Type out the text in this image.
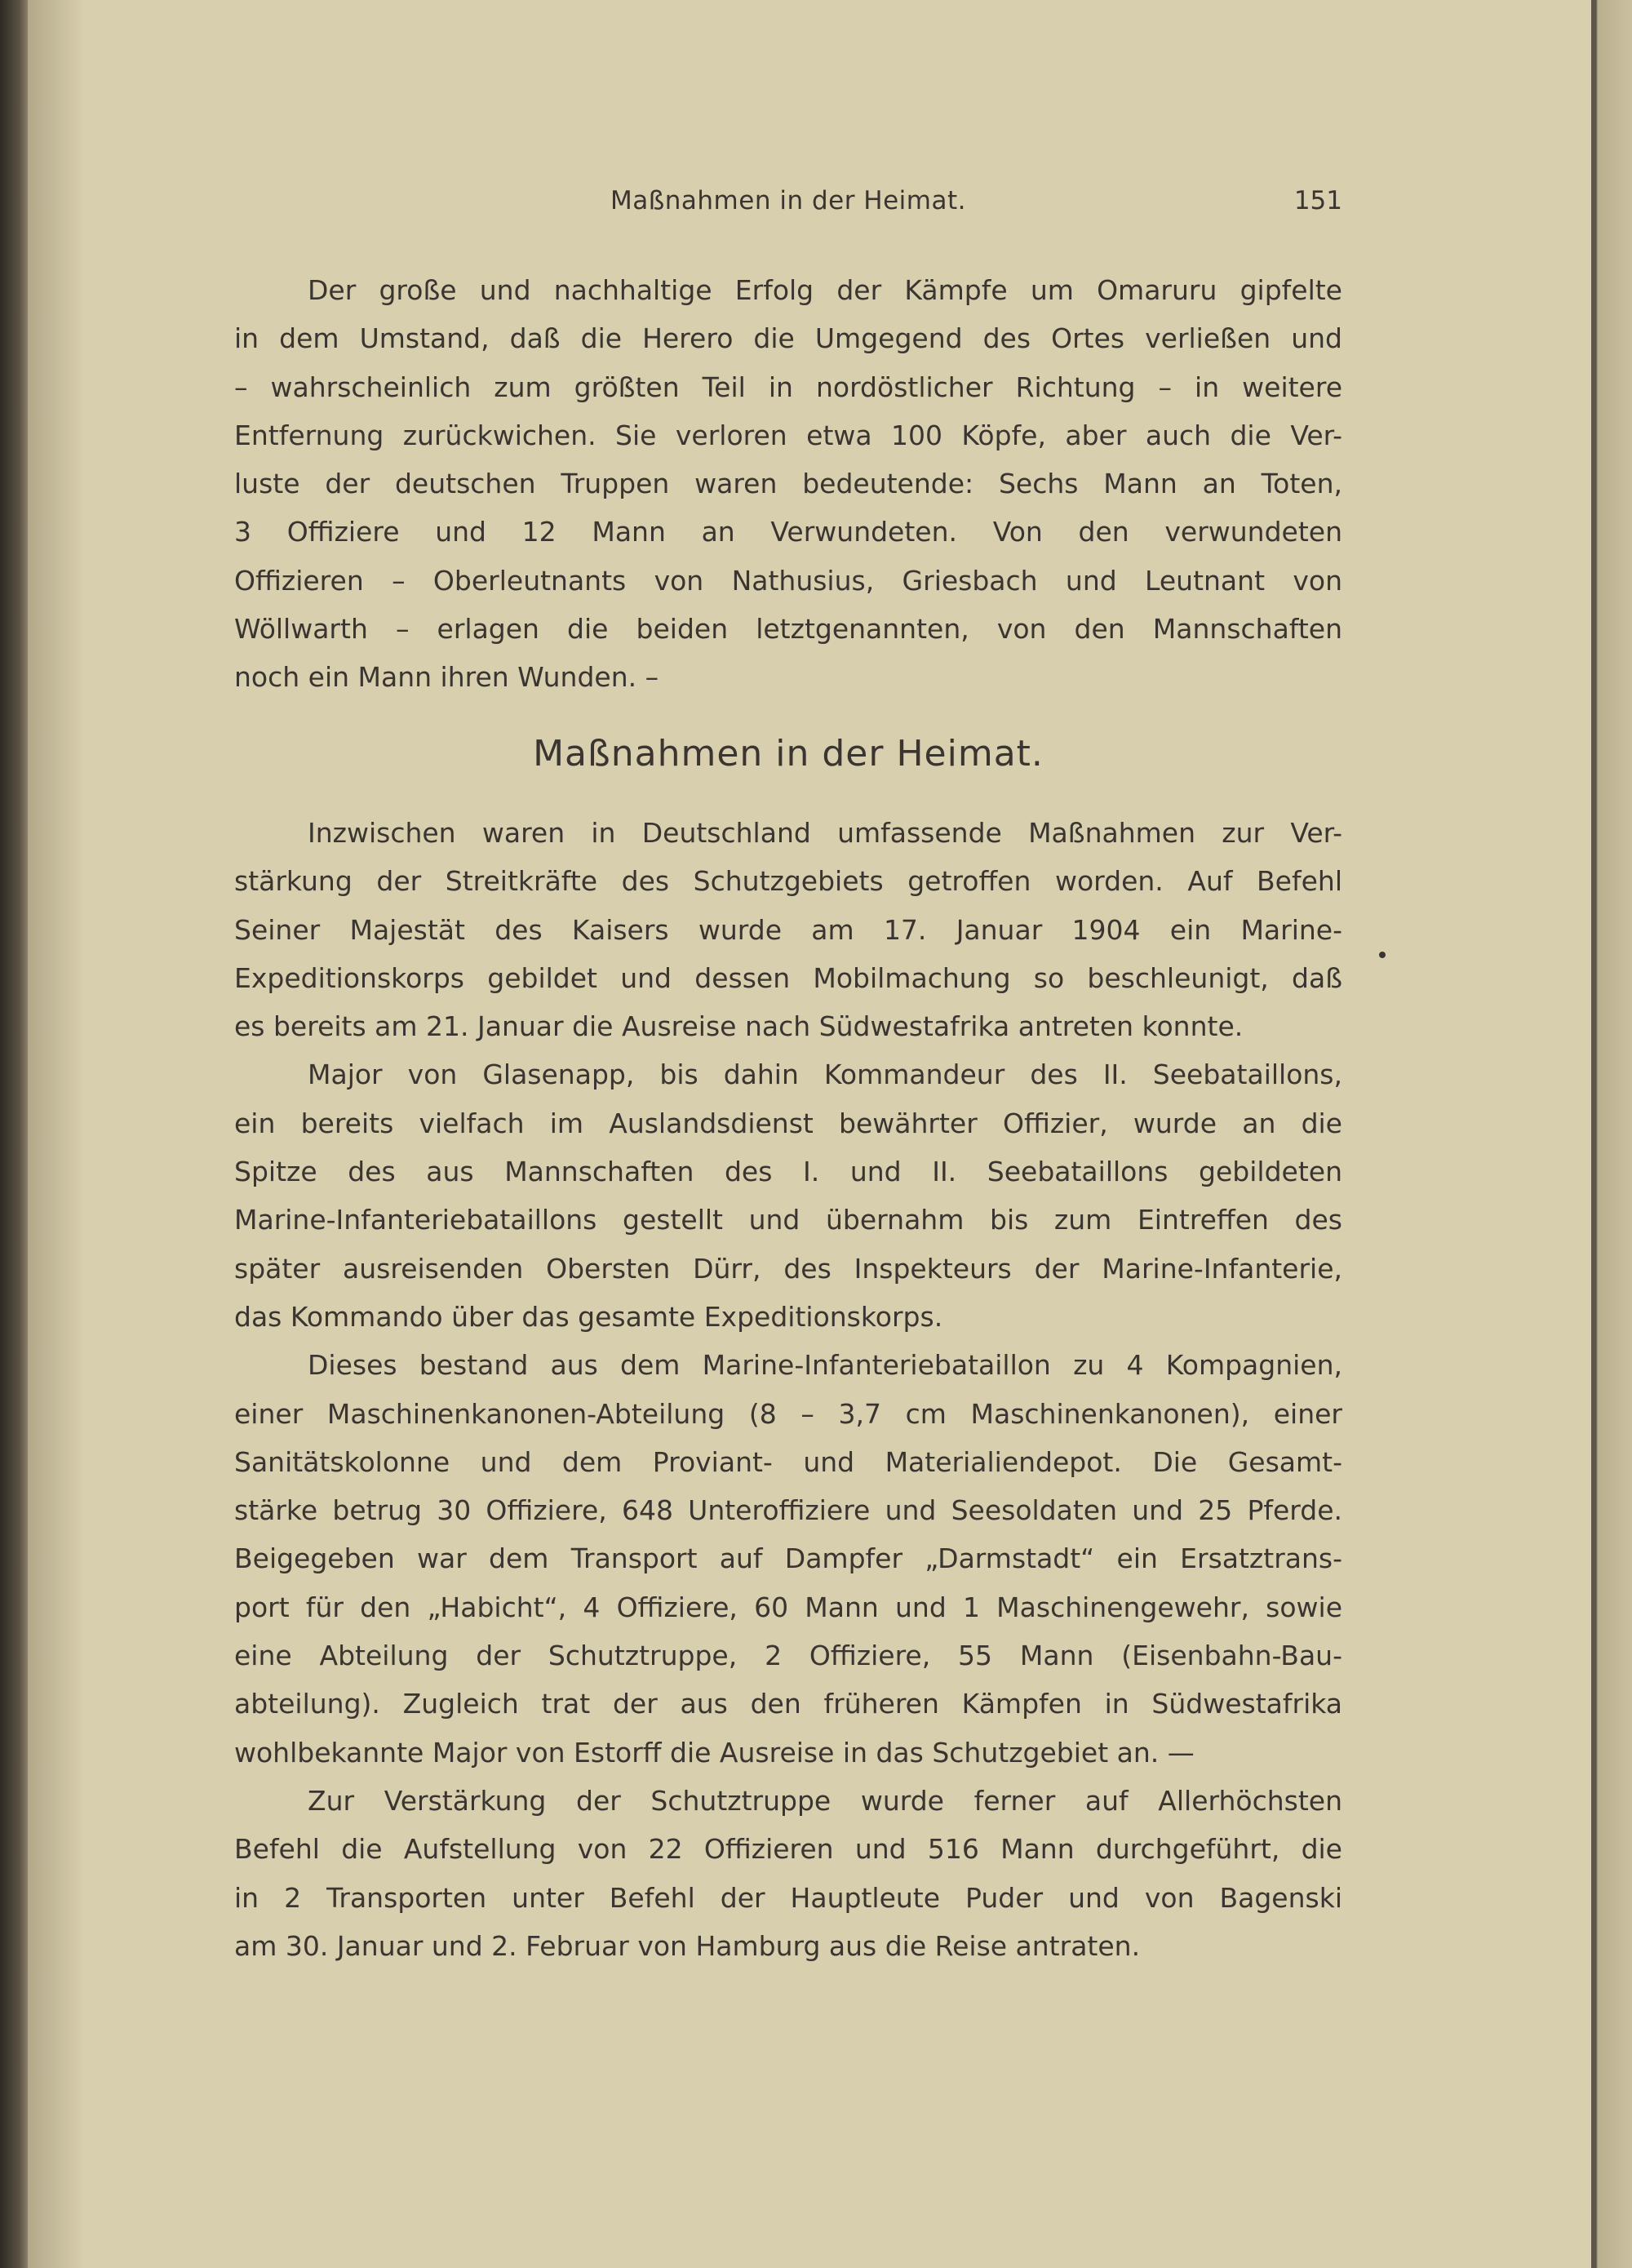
Maßnahmen in der Heimat.	151
Der große und nachhaltige Erfolg der Kämpfe um Omaruru gipfelte
in dem Umstand, daß die Herero die Umgegend des Ortes verließen und
– wahrscheinlich zum größten Teil in nordöstlicher Richtung – in weitere
Entfernung zurückwichen. Sie verloren etwa 100 Köpfe, aber auch die Ver-
luste der deutschen Truppen waren bedeutende: Sechs Mann an Toten,
3 Offiziere und 12 Mann an Verwundeten. Von den verwundeten
Offizieren – Oberleutnants von Nathusius, Griesbach und Leutnant von
Wöllwarth – erlagen die beiden letztgenannten, von den Mannschaften
noch ein Mann ihren Wunden. –
Maßnahmen in der Heimat.
Inzwischen waren in Deutschland umfassende Maßnahmen zur Ver-
stärkung der Streitkräfte des Schutzgebiets getroffen worden. Auf Befehl
Seiner Majestät des Kaisers wurde am 17. Januar 1904 ein Marine-
Expeditionskorps gebildet und dessen Mobilmachung so beschleunigt, daß
es bereits am 21. Januar die Ausreise nach Südwestafrika antreten konnte.
Major von Glasenapp, bis dahin Kommandeur des II. Seebataillons,
ein bereits vielfach im Auslandsdienst bewährter Offizier, wurde an die
Spitze des aus Mannschaften des I. und II. Seebataillons gebildeten
Marine-Infanteriebataillons gestellt und übernahm bis zum Eintreffen des
später ausreisenden Obersten Dürr, des Inspekteurs der Marine-Infanterie,
das Kommando über das gesamte Expeditionskorps.
Dieses bestand aus dem Marine-Infanteriebataillon zu 4 Kompagnien,
einer Maschinenkanonen-Abteilung (8 – 3,7 cm Maschinenkanonen), einer
Sanitätskolonne und dem Proviant- und Materialiendepot. Die Gesamt-
stärke betrug 30 Offiziere, 648 Unteroffiziere und Seesoldaten und 25 Pferde.
Beigegeben war dem Transport auf Dampfer „Darmstadt“ ein Ersatztrans-
port für den „Habicht“, 4 Offiziere, 60 Mann und 1 Maschinengewehr, sowie
eine Abteilung der Schutztruppe, 2 Offiziere, 55 Mann (Eisenbahn-Bau-
abteilung). Zugleich trat der aus den früheren Kämpfen in Südwestafrika
wohlbekannte Major von Estorff die Ausreise in das Schutzgebiet an. —
Zur Verstärkung der Schutztruppe wurde ferner auf Allerhöchsten
Befehl die Aufstellung von 22 Offizieren und 516 Mann durchgeführt, die
in 2 Transporten unter Befehl der Hauptleute Puder und von Bagenski
am 30. Januar und 2. Februar von Hamburg aus die Reise antraten.
